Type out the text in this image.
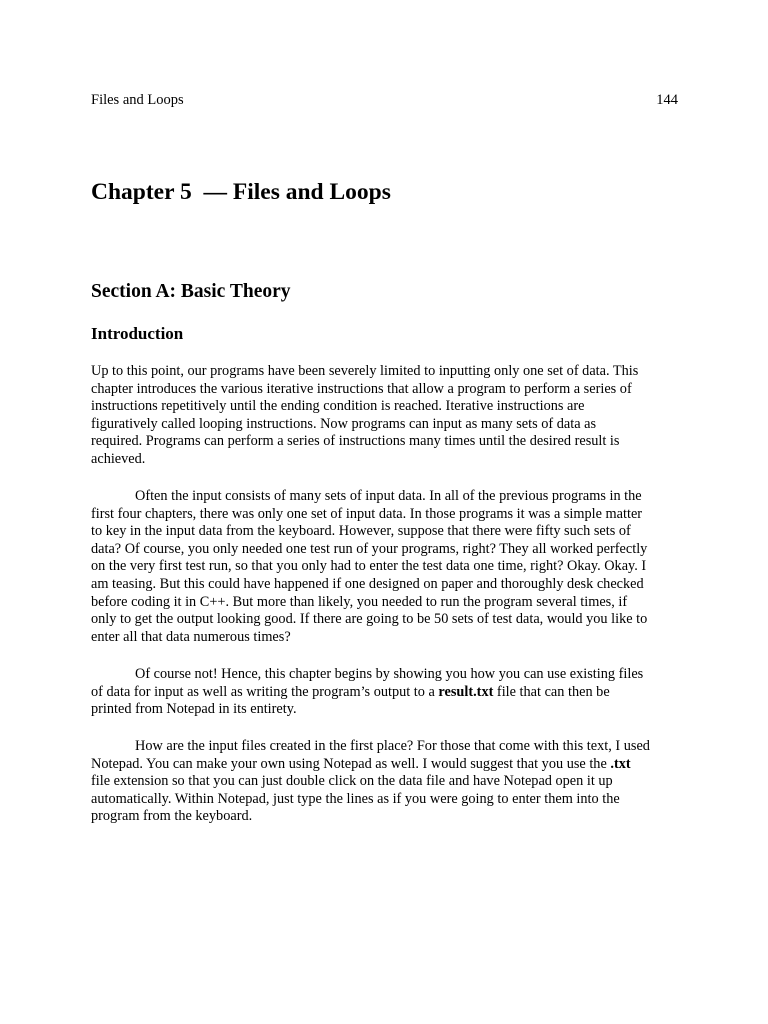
Files and Loops	144
Chapter 5  — Files and Loops
Section A: Basic Theory
Introduction

Up to this point, our programs have been severely limited to inputting only one set of data. This
chapter introduces the various iterative instructions that allow a program to perform a series of
instructions repetitively until the ending condition is reached. Iterative instructions are
figuratively called looping instructions. Now programs can input as many sets of data as
required. Programs can perform a series of instructions many times until the desired result is
achieved.

Often the input consists of many sets of input data. In all of the previous programs in the
first four chapters, there was only one set of input data. In those programs it was a simple matter
to key in the input data from the keyboard. However, suppose that there were fifty such sets of
data? Of course, you only needed one test run of your programs, right? They all worked perfectly
on the very first test run, so that you only had to enter the test data one time, right? Okay. Okay. I
am teasing. But this could have happened if one designed on paper and thoroughly desk checked
before coding it in C++. But more than likely, you needed to run the program several times, if
only to get the output looking good. If there are going to be 50 sets of test data, would you like to
enter all that data numerous times?

Of course not! Hence, this chapter begins by showing you how you can use existing files
of data for input as well as writing the program’s output to a result.txt file that can then be
printed from Notepad in its entirety.

How are the input files created in the first place? For those that come with this text, I used
Notepad. You can make your own using Notepad as well. I would suggest that you use the .txt
file extension so that you can just double click on the data file and have Notepad open it up
automatically. Within Notepad, just type the lines as if you were going to enter them into the
program from the keyboard.
